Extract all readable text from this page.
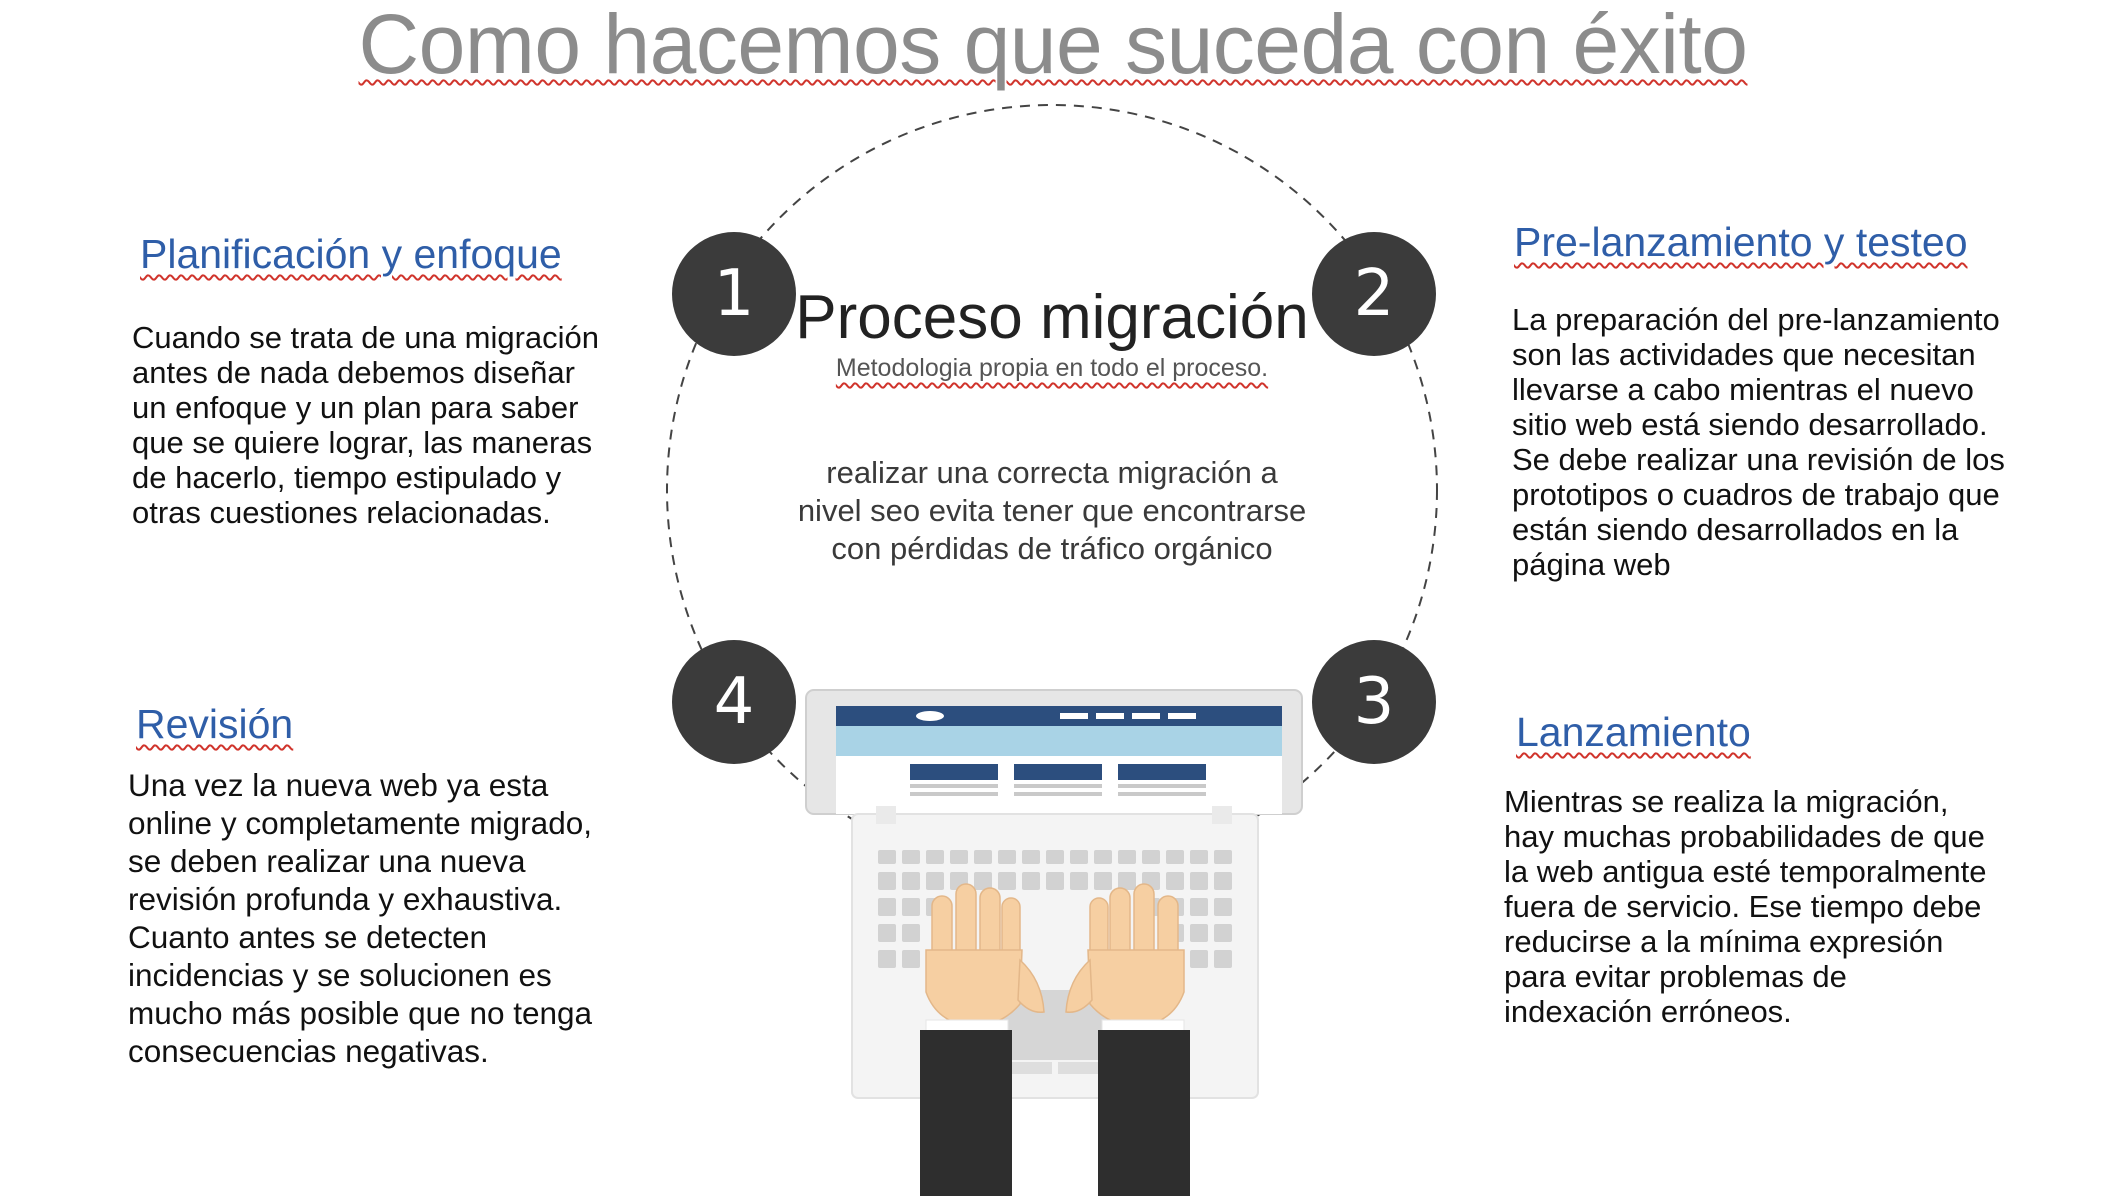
Como hacemos que suceda con éxito
Proceso migración
Metodologia propia en todo el proceso.
realizar una correcta migración a
nivel seo evita tener que encontrarse
con pérdidas de tráfico orgánico
1	2
3
4
Planificación y enfoque

Cuando se trata de una migración
antes de nada debemos diseñar
un enfoque y un plan para saber
que se quiere lograr, las maneras
de hacerlo, tiempo estipulado y
otras cuestiones relacionadas.

Pre-lanzamiento y testeo

La preparación del pre-lanzamiento
son las actividades que necesitan
llevarse a cabo mientras el nuevo
sitio web está siendo desarrollado.
Se debe realizar una revisión de los
prototipos o cuadros de trabajo que
están siendo desarrollados en la
página web

Lanzamiento

Mientras se realiza la migración,
hay muchas probabilidades de que
la web antigua esté temporalmente
fuera de servicio. Ese tiempo debe
reducirse a la mínima expresión
para evitar problemas de
indexación erróneos.

Revisión

Una vez la nueva web ya esta
online y completamente migrado,
se deben realizar una nueva
revisión profunda y exhaustiva.
Cuanto antes se detecten
incidencias y se solucionen es
mucho más posible que no tenga
consecuencias negativas.
